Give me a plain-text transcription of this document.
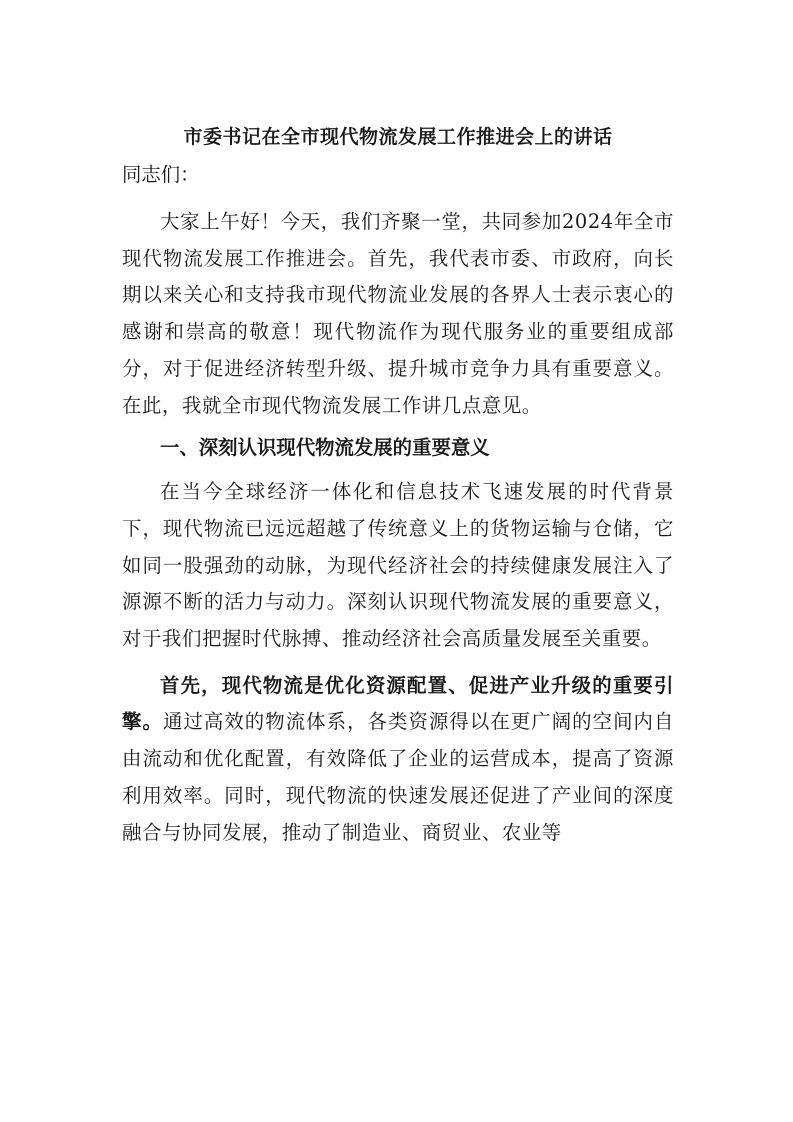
市委书记在全市现代物流发展工作推进会上的讲话

同志们：

大家上午好！今天，我们齐聚一堂，共同参加2024年全市现代物流发展工作推进会。首先，我代表市委、市政府，向长期以来关心和支持我市现代物流业发展的各界人士表示衷心的感谢和崇高的敬意！现代物流作为现代服务业的重要组成部分，对于促进经济转型升级、提升城市竞争力具有重要意义。在此，我就全市现代物流发展工作讲几点意见。

一、深刻认识现代物流发展的重要意义

在当今全球经济一体化和信息技术飞速发展的时代背景下，现代物流已远远超越了传统意义上的货物运输与仓储，它如同一股强劲的动脉，为现代经济社会的持续健康发展注入了源源不断的活力与动力。深刻认识现代物流发展的重要意义，对于我们把握时代脉搏、推动经济社会高质量发展至关重要。

首先，现代物流是优化资源配置、促进产业升级的重要引擎。通过高效的物流体系，各类资源得以在更广阔的空间内自由流动和优化配置，有效降低了企业的运营成本，提高了资源利用效率。同时，现代物流的快速发展还促进了产业间的深度融合与协同发展，推动了制造业、商贸业、农业等
